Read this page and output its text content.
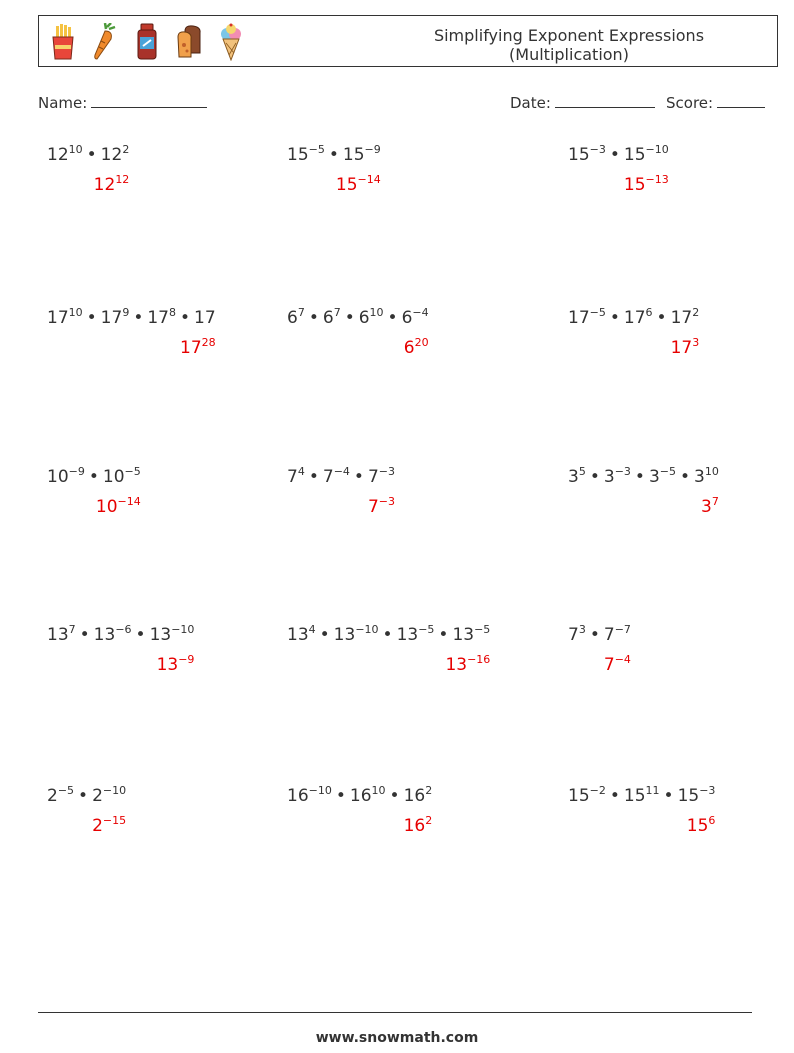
Simplifying Exponent Expressions
(Multiplication)
Name:	Date:	Score:
$12^{10}$ • $12^2$
$12^{12}$
$15^{-5}$ • $15^{-9}$
$15^{-14}$
$15^{-3}$ • $15^{-10}$
$15^{-13}$
$17^{10}$ • $17^9$ • $17^8$ • 17
$17^{28}$
$6^7$ • $6^7$ • $6^{10}$ • $6^{-4}$
$6^{20}$
$17^{-5}$ • $17^6$ • $17^2$
$17^3$
$10^{-9}$ • $10^{-5}$
$10^{-14}$
$7^4$ • $7^{-4}$ • $7^{-3}$
$7^{-3}$
$3^5$ • $3^{-3}$ • $3^{-5}$ • $3^{10}$
$3^7$
$13^7$ • $13^{-6}$ • $13^{-10}$
$13^{-9}$
$13^4$ • $13^{-10}$ • $13^{-5}$ • $13^{-5}$
$13^{-16}$
$7^3$ • $7^{-7}$
$7^{-4}$
$2^{-5}$ • $2^{-10}$
$2^{-15}$
$16^{-10}$ • $16^{10}$ • $16^2$
$16^2$
$15^{-2}$ • $15^{11}$ • $15^{-3}$
$15^6$
www.snowmath.com
